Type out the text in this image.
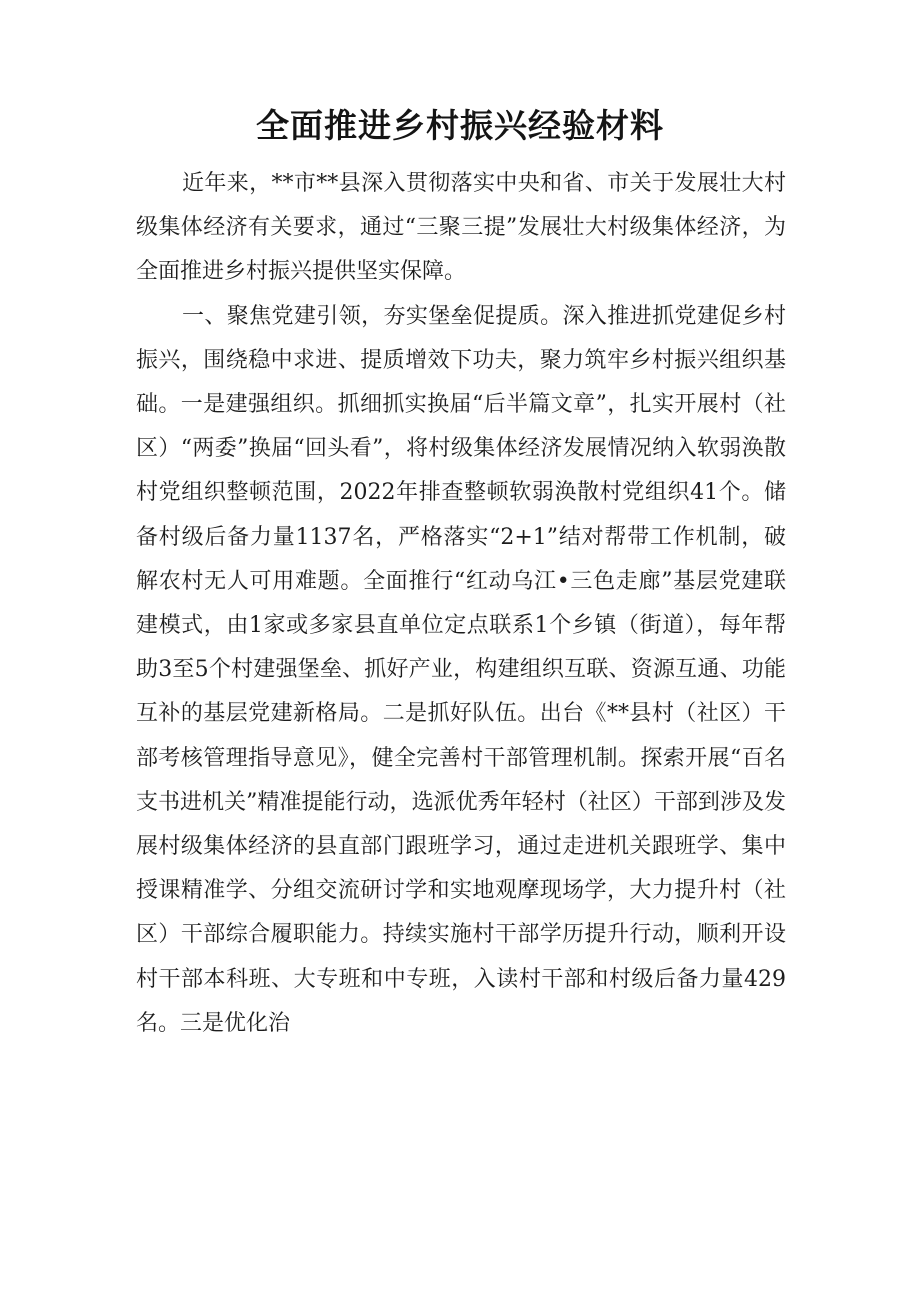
全面推进乡村振兴经验材料

近年来，**市**县深入贯彻落实中央和省、市关于发展壮大村级集体经济有关要求，通过“三聚三提”发展壮大村级集体经济，为全面推进乡村振兴提供坚实保障。

一、聚焦党建引领，夯实堡垒促提质。深入推进抓党建促乡村振兴，围绕稳中求进、提质增效下功夫，聚力筑牢乡村振兴组织基础。一是建强组织。抓细抓实换届“后半篇文章”，扎实开展村（社区）“两委”换届“回头看”，将村级集体经济发展情况纳入软弱涣散村党组织整顿范围，2022年排查整顿软弱涣散村党组织41个。储备村级后备力量1137名，严格落实“2+1”结对帮带工作机制，破解农村无人可用难题。全面推行“红动乌江•三色走廊”基层党建联建模式，由1家或多家县直单位定点联系1个乡镇（街道），每年帮助3至5个村建强堡垒、抓好产业，构建组织互联、资源互通、功能互补的基层党建新格局。二是抓好队伍。出台《**县村（社区）干部考核管理指导意见》，健全完善村干部管理机制。探索开展“百名支书进机关”精准提能行动，选派优秀年轻村（社区）干部到涉及发展村级集体经济的县直部门跟班学习，通过走进机关跟班学、集中授课精准学、分组交流研讨学和实地观摩现场学，大力提升村（社区）干部综合履职能力。持续实施村干部学历提升行动，顺利开设村干部本科班、大专班和中专班，入读村干部和村级后备力量429名。三是优化治
